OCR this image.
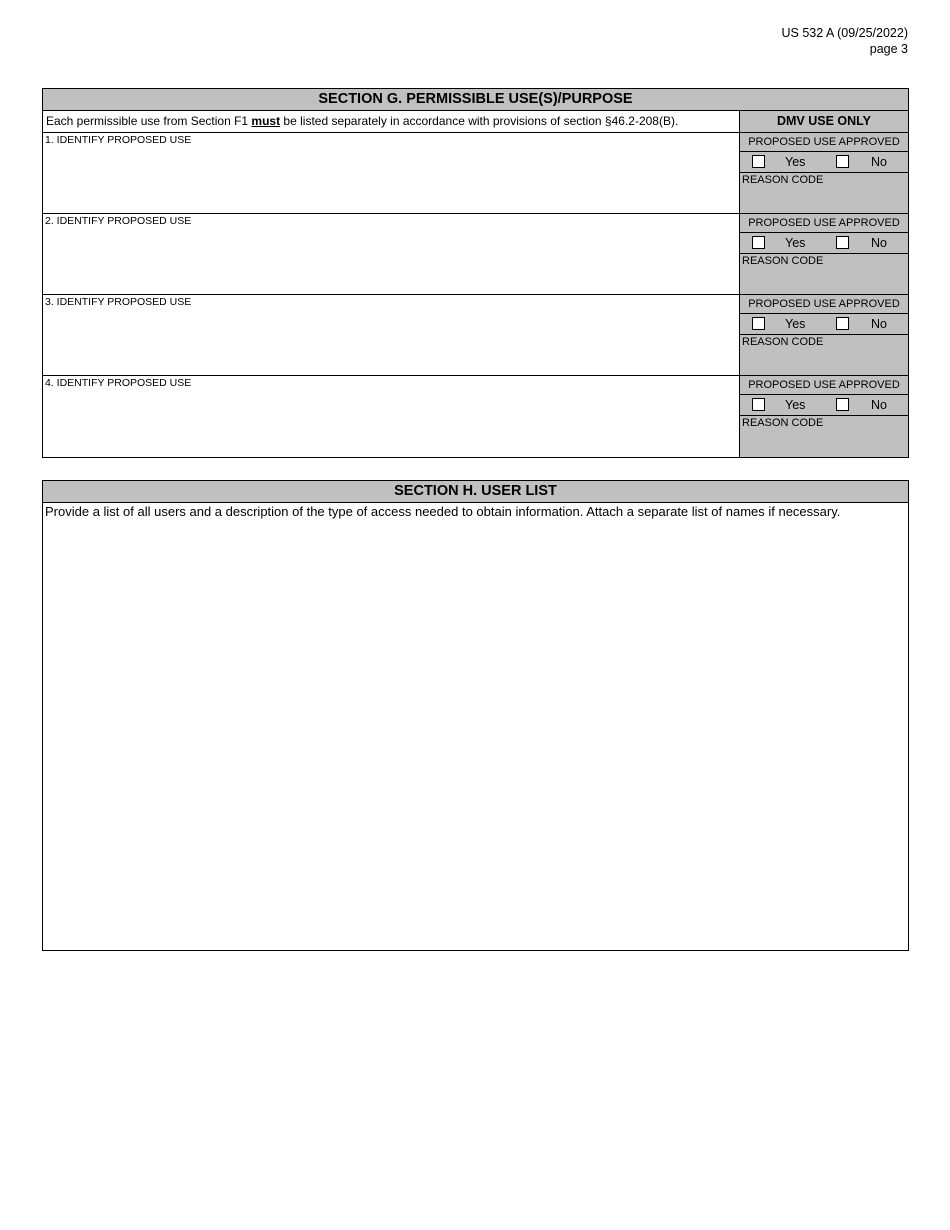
US 532 A (09/25/2022)
page 3
SECTION G. PERMISSIBLE USE(S)/PURPOSE
Each permissible use from Section F1 must be listed separately in accordance with provisions of section §46.2-208(B).	DMV USE ONLY
1. IDENTIFY PROPOSED USE	PROPOSED USE APPROVED
Yes	No
REASON CODE
2. IDENTIFY PROPOSED USE	PROPOSED USE APPROVED
Yes	No
REASON CODE
3. IDENTIFY PROPOSED USE	PROPOSED USE APPROVED
Yes	No
REASON CODE
4. IDENTIFY PROPOSED USE	PROPOSED USE APPROVED
Yes	No
REASON CODE
SECTION H. USER LIST
Provide a list of all users and a description of the type of access needed to obtain information. Attach a separate list of names if necessary.
